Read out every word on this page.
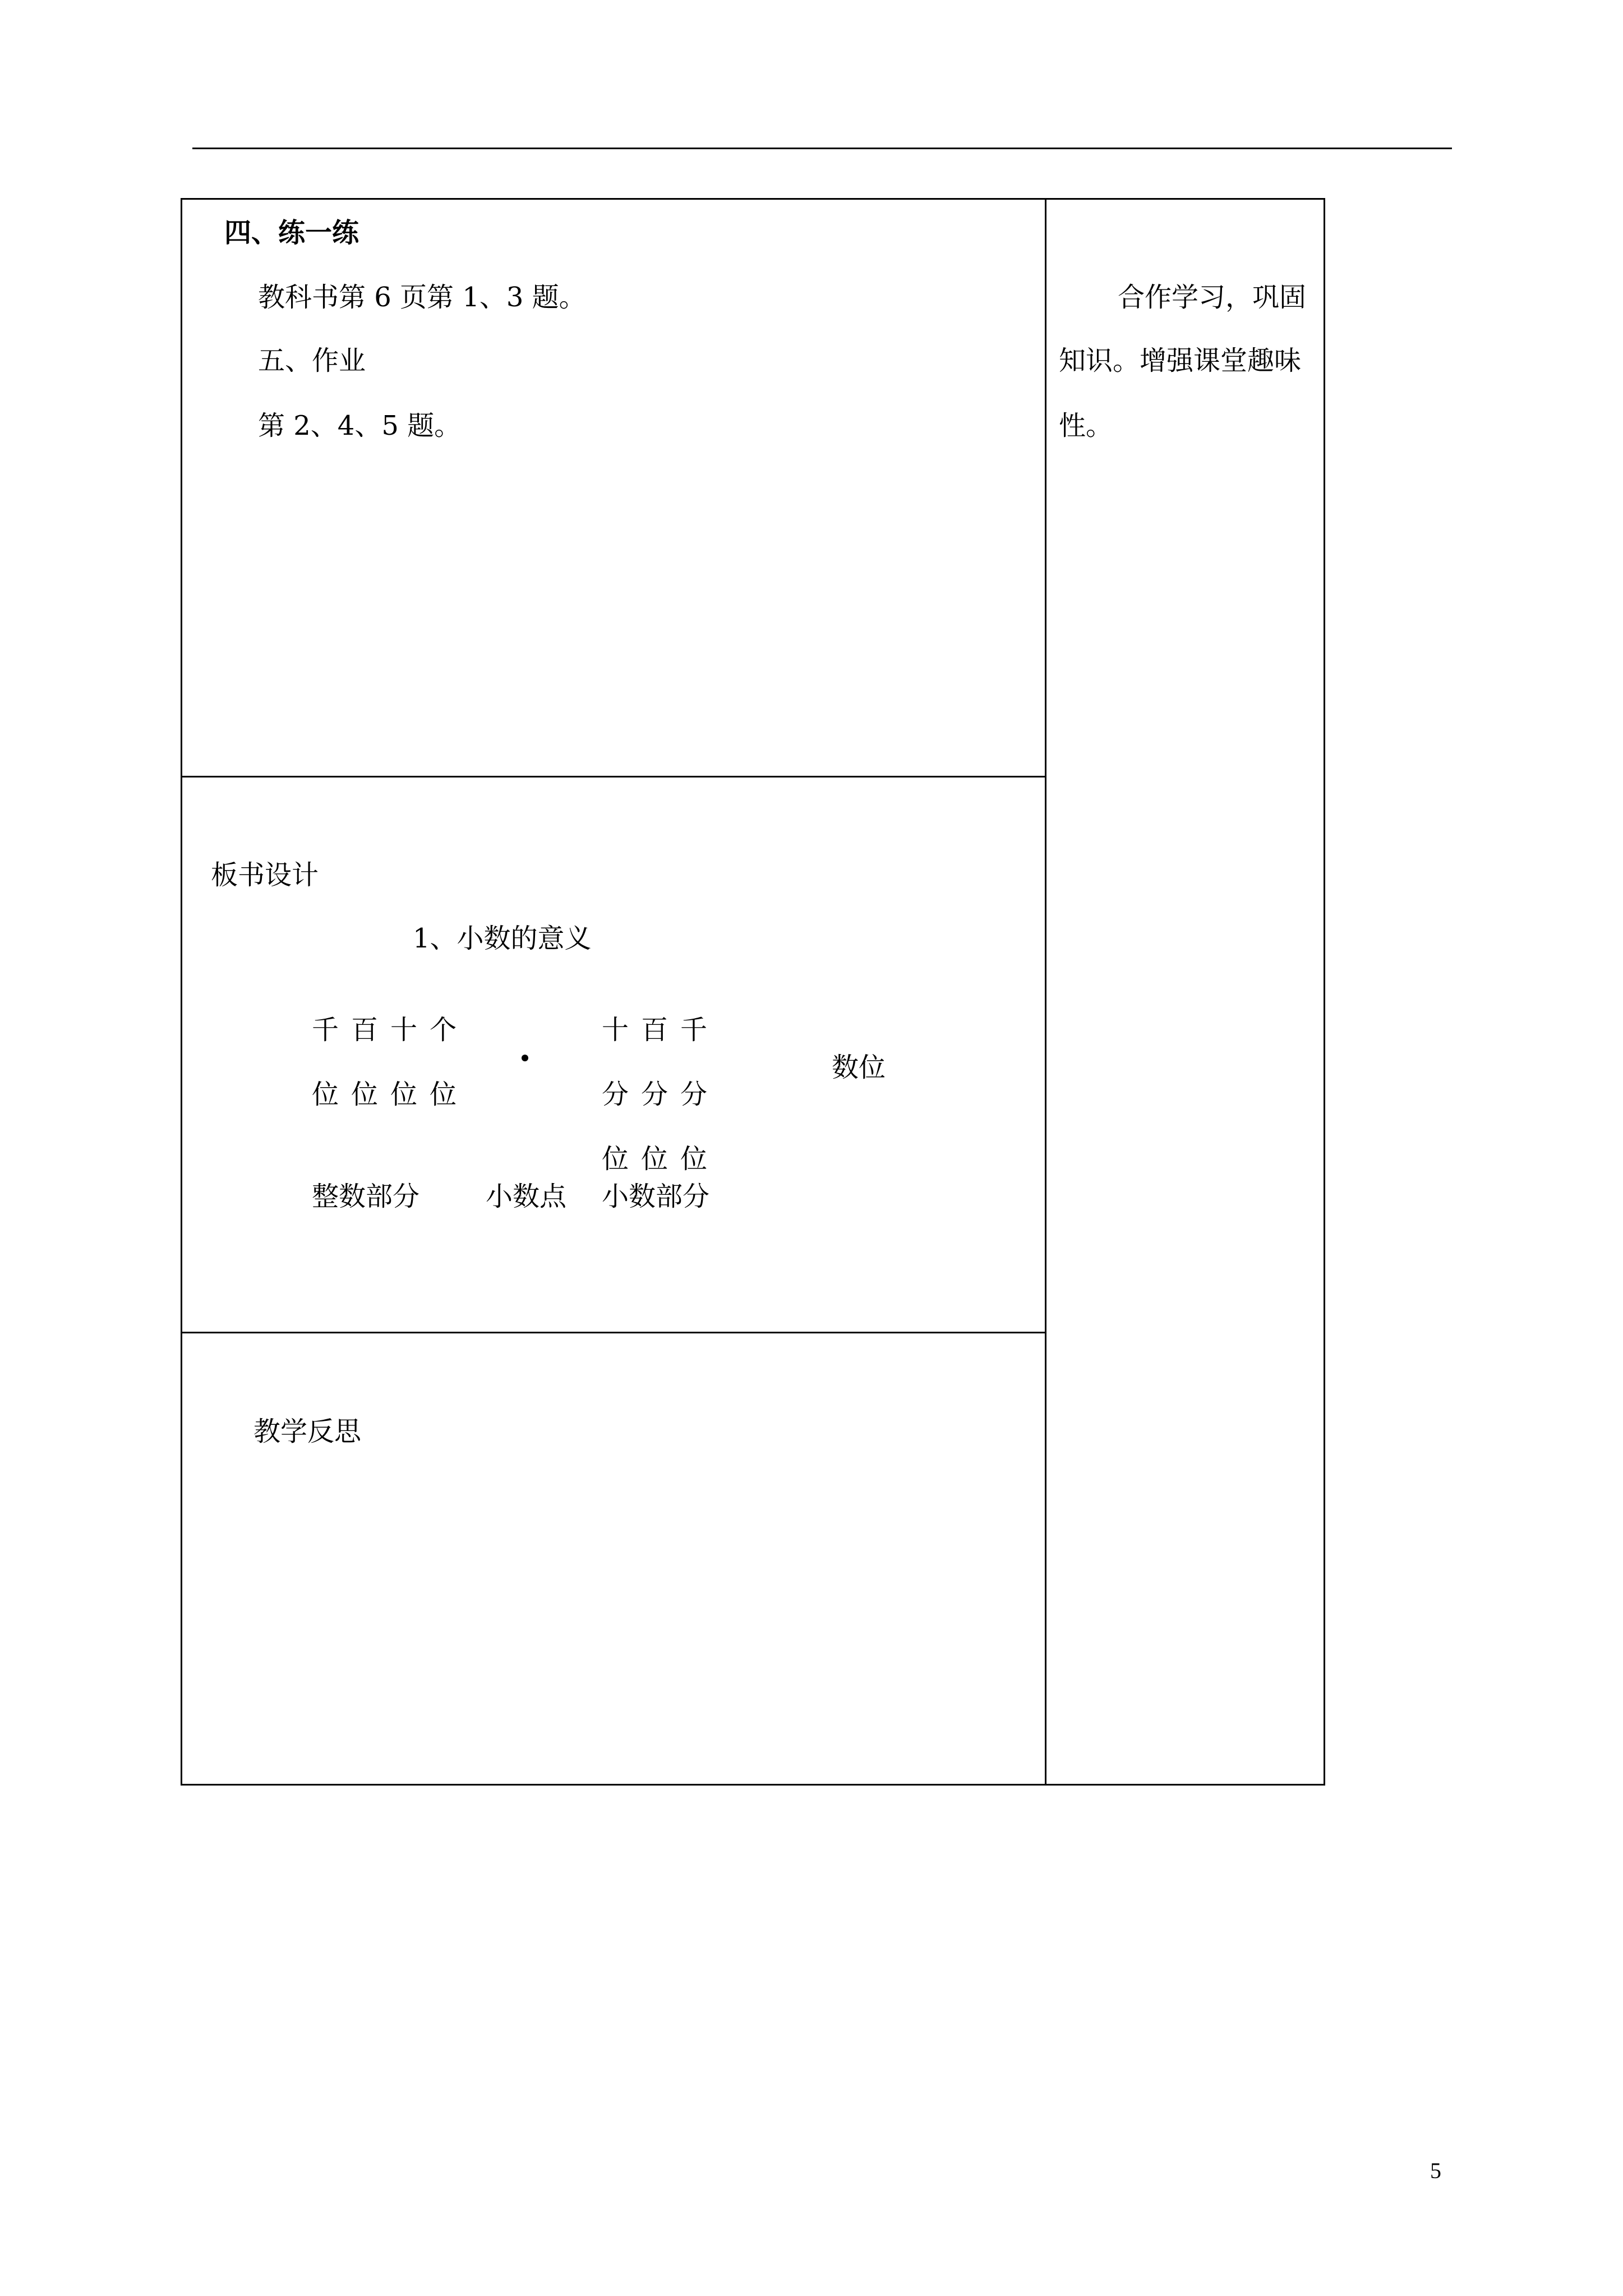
四、练一练

教科书第 6 页第 1、3 题。

五、作业

第 2、4、5 题。

合作学习，巩固

知识。增强课堂趣味

性。

板书设计

1、小数的意义

千百十个

位位位位

十百千

分分分

位位位

数位

整数部分 小数点 小数部分

教学反思

5
